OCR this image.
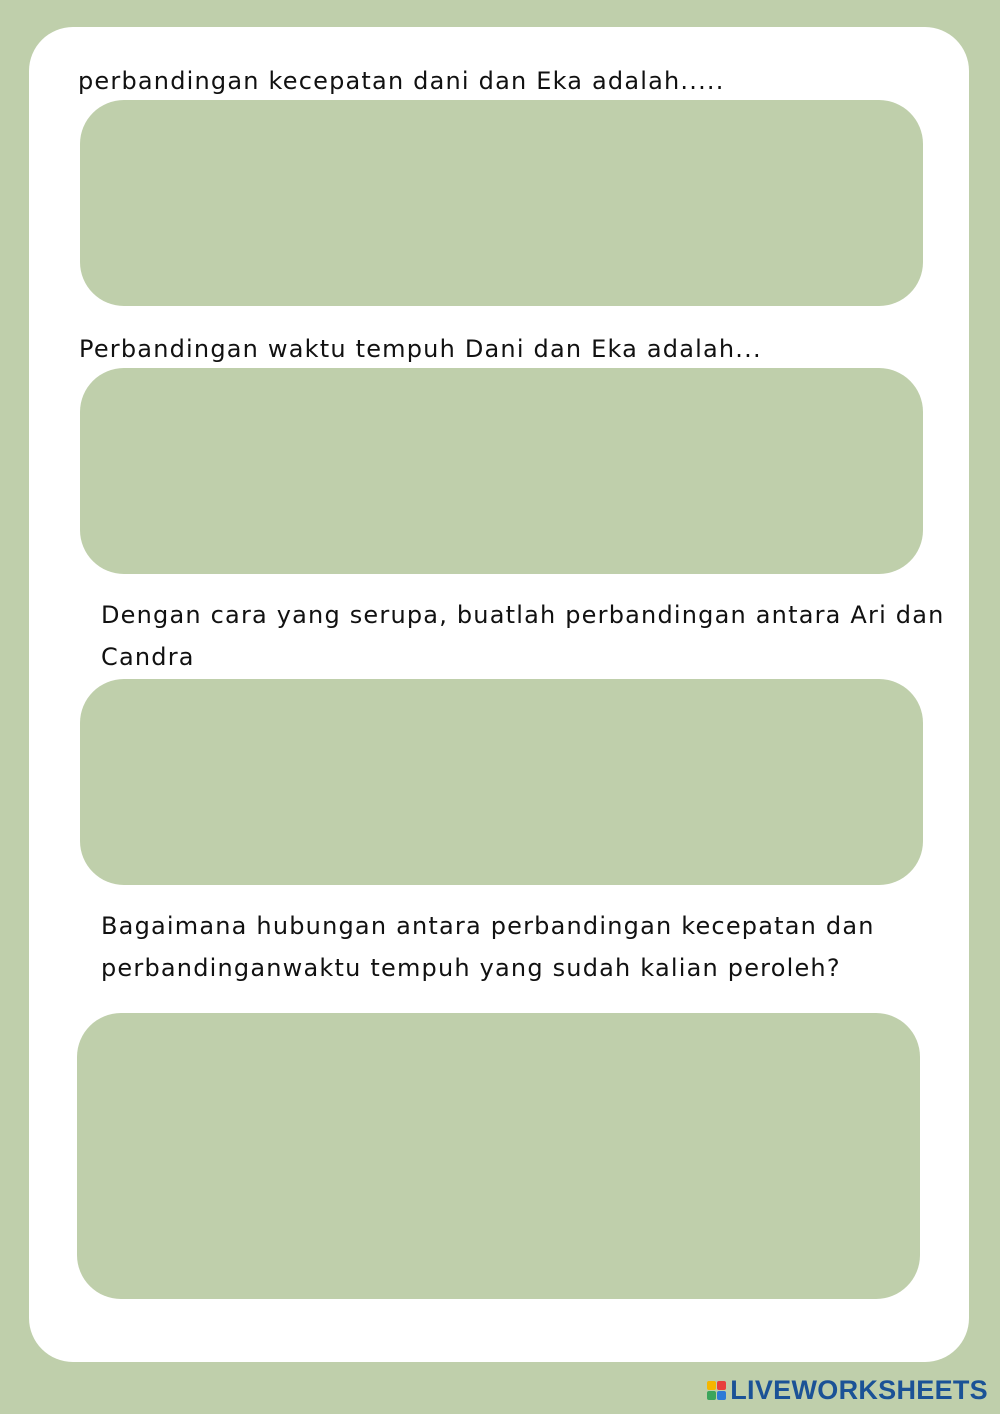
perbandingan kecepatan dani dan Eka adalah.....

Perbandingan waktu tempuh Dani dan Eka adalah...

Dengan cara yang serupa, buatlah perbandingan antara Ari dan
Candra

Bagaimana hubungan antara perbandingan kecepatan dan
perbandinganwaktu tempuh yang sudah kalian peroleh?

LIVEWORKSHEETS
